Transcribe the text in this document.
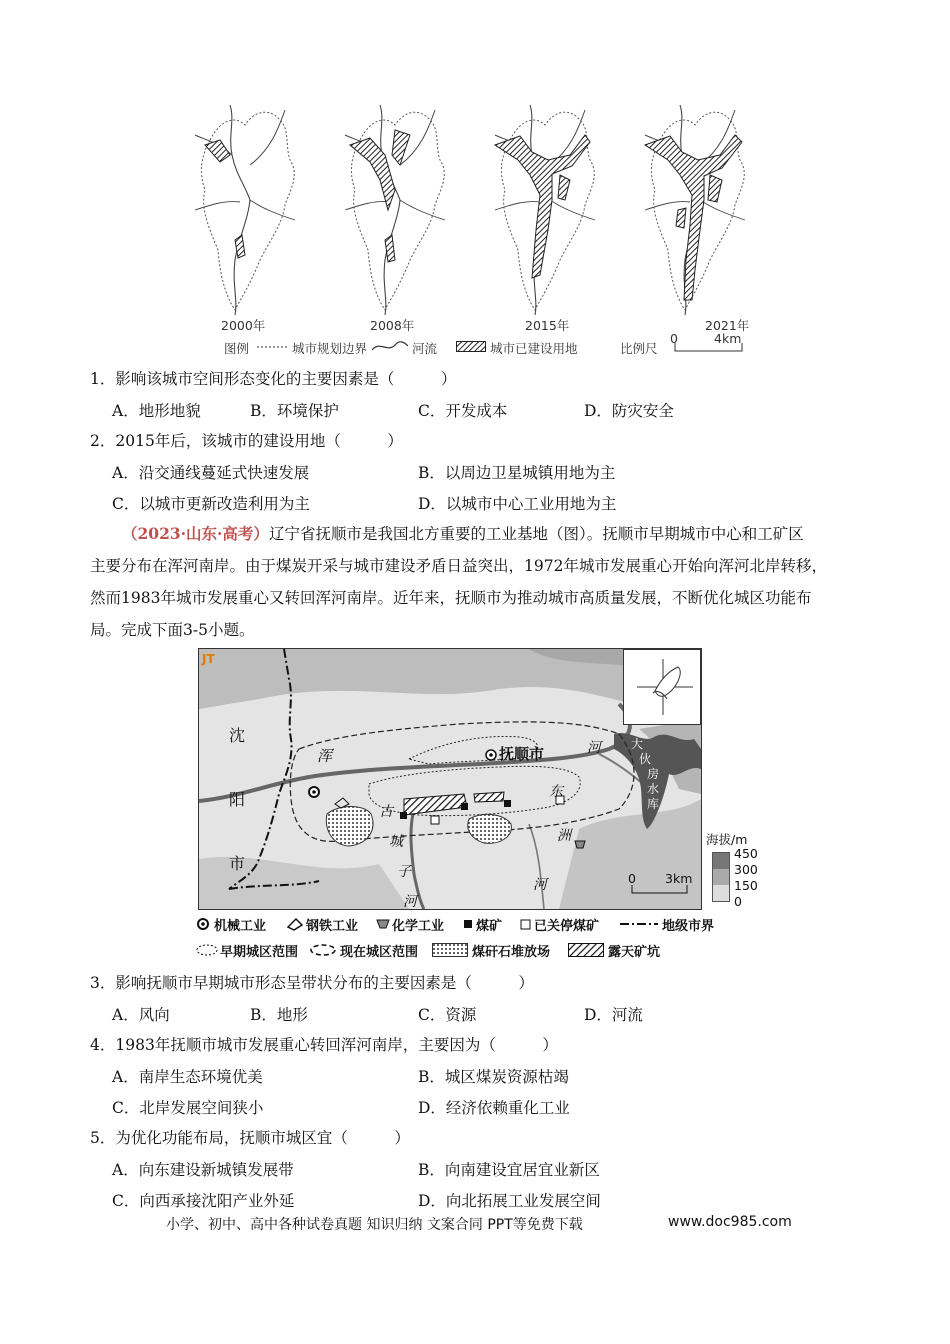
2000年	2008年	2015年	2021年
图例	城市规划边界	河流	城市已建设用地	比例尺
0	4km
1．影响该城市空间形态变化的主要因素是（　　　）
A．地形地貌	B．环境保护	C．开发成本	D．防灾安全
2．2015年后，该城市的建设用地（　　　）
A．沿交通线蔓延式快速发展	B．以周边卫星城镇用地为主
C．以城市更新改造利用为主	D．以城市中心工业用地为主
（2023·山东·高考）辽宁省抚顺市是我国北方重要的工业基地（图）。抚顺市早期城市中心和工矿区
主要分布在浑河南岸。由于煤炭开采与城市建设矛盾日益突出，1972年城市发展重心开始向浑河北岸转移，
然而1983年城市发展重心又转回浑河南岸。近年来，抚顺市为推动城市高质量发展，不断优化城区功能布
局。完成下面3-5小题。
JT
沈
阳
市
浑	抚顺市	河
东
洲
河
古
城
子
河
大
伙
房
水
库
0 3km
海拔/m
450
300
150
0
机械工业	钢铁工业	化学工业 煤矿 已关停煤矿	地级市界
早期城区范围	现在城区范围	煤矸石堆放场	露天矿坑
3．影响抚顺市早期城市形态呈带状分布的主要因素是（　　　）
A．风向	B．地形	C．资源	D．河流
4．1983年抚顺市城市发展重心转回浑河南岸，主要因为（　　　）
A．南岸生态环境优美	B．城区煤炭资源枯竭
C．北岸发展空间狭小	D．经济依赖重化工业
5．为优化功能布局，抚顺市城区宜（　　　）
A．向东建设新城镇发展带	B．向南建设宜居宜业新区
C．向西承接沈阳产业外延	D．向北拓展工业发展空间
小学、初中、高中各种试卷真题 知识归纳 文案合同 PPT等免费下载	www.doc985.com
